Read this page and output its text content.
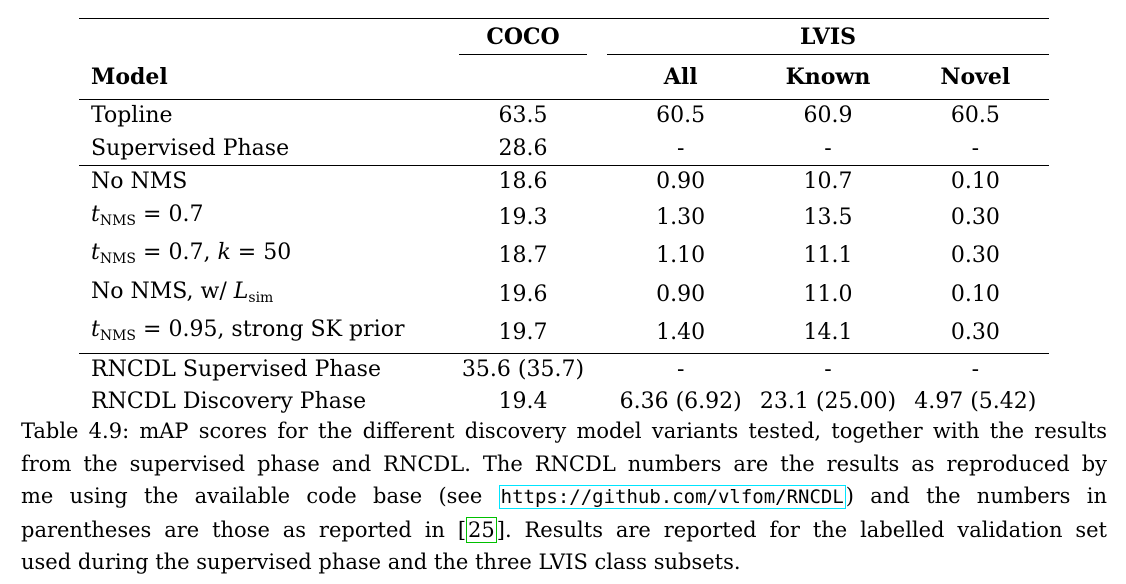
	COCO		LVIS		
Model			All	Known	Novel
Topline	63.5		60.5	60.9	60.5
Supervised Phase	28.6		-	-	-
No NMS	18.6		0.90	10.7	0.10
$t_{NMS} = 0.7$	19.3		1.30	13.5	0.30
$t_{NMS} = 0.7$, k = 50	18.7		1.10	11.1	0.30
No NMS, w/ $L_{sim}$	19.6		0.90	11.0	0.10
$t_{NMS} = 0.95$, strong SK prior	19.7		1.40	14.1	0.30
RNCDL Supervised Phase	35.6 (35.7)		-	-	-
RNCDL Discovery Phase	19.4		6.36 (6.92)	23.1 (25.00)	4.97 (5.42)
Table 4.9: mAP scores for the different discovery model variants tested, together with the results
from the supervised phase and RNCDL. The RNCDL numbers are the results as reproduced by
me using the available code base (see https://github.com/vlfom/RNCDL) and the numbers in
parentheses are those as reported in [25]. Results are reported for the labelled validation set
used during the supervised phase and the three LVIS class subsets.
